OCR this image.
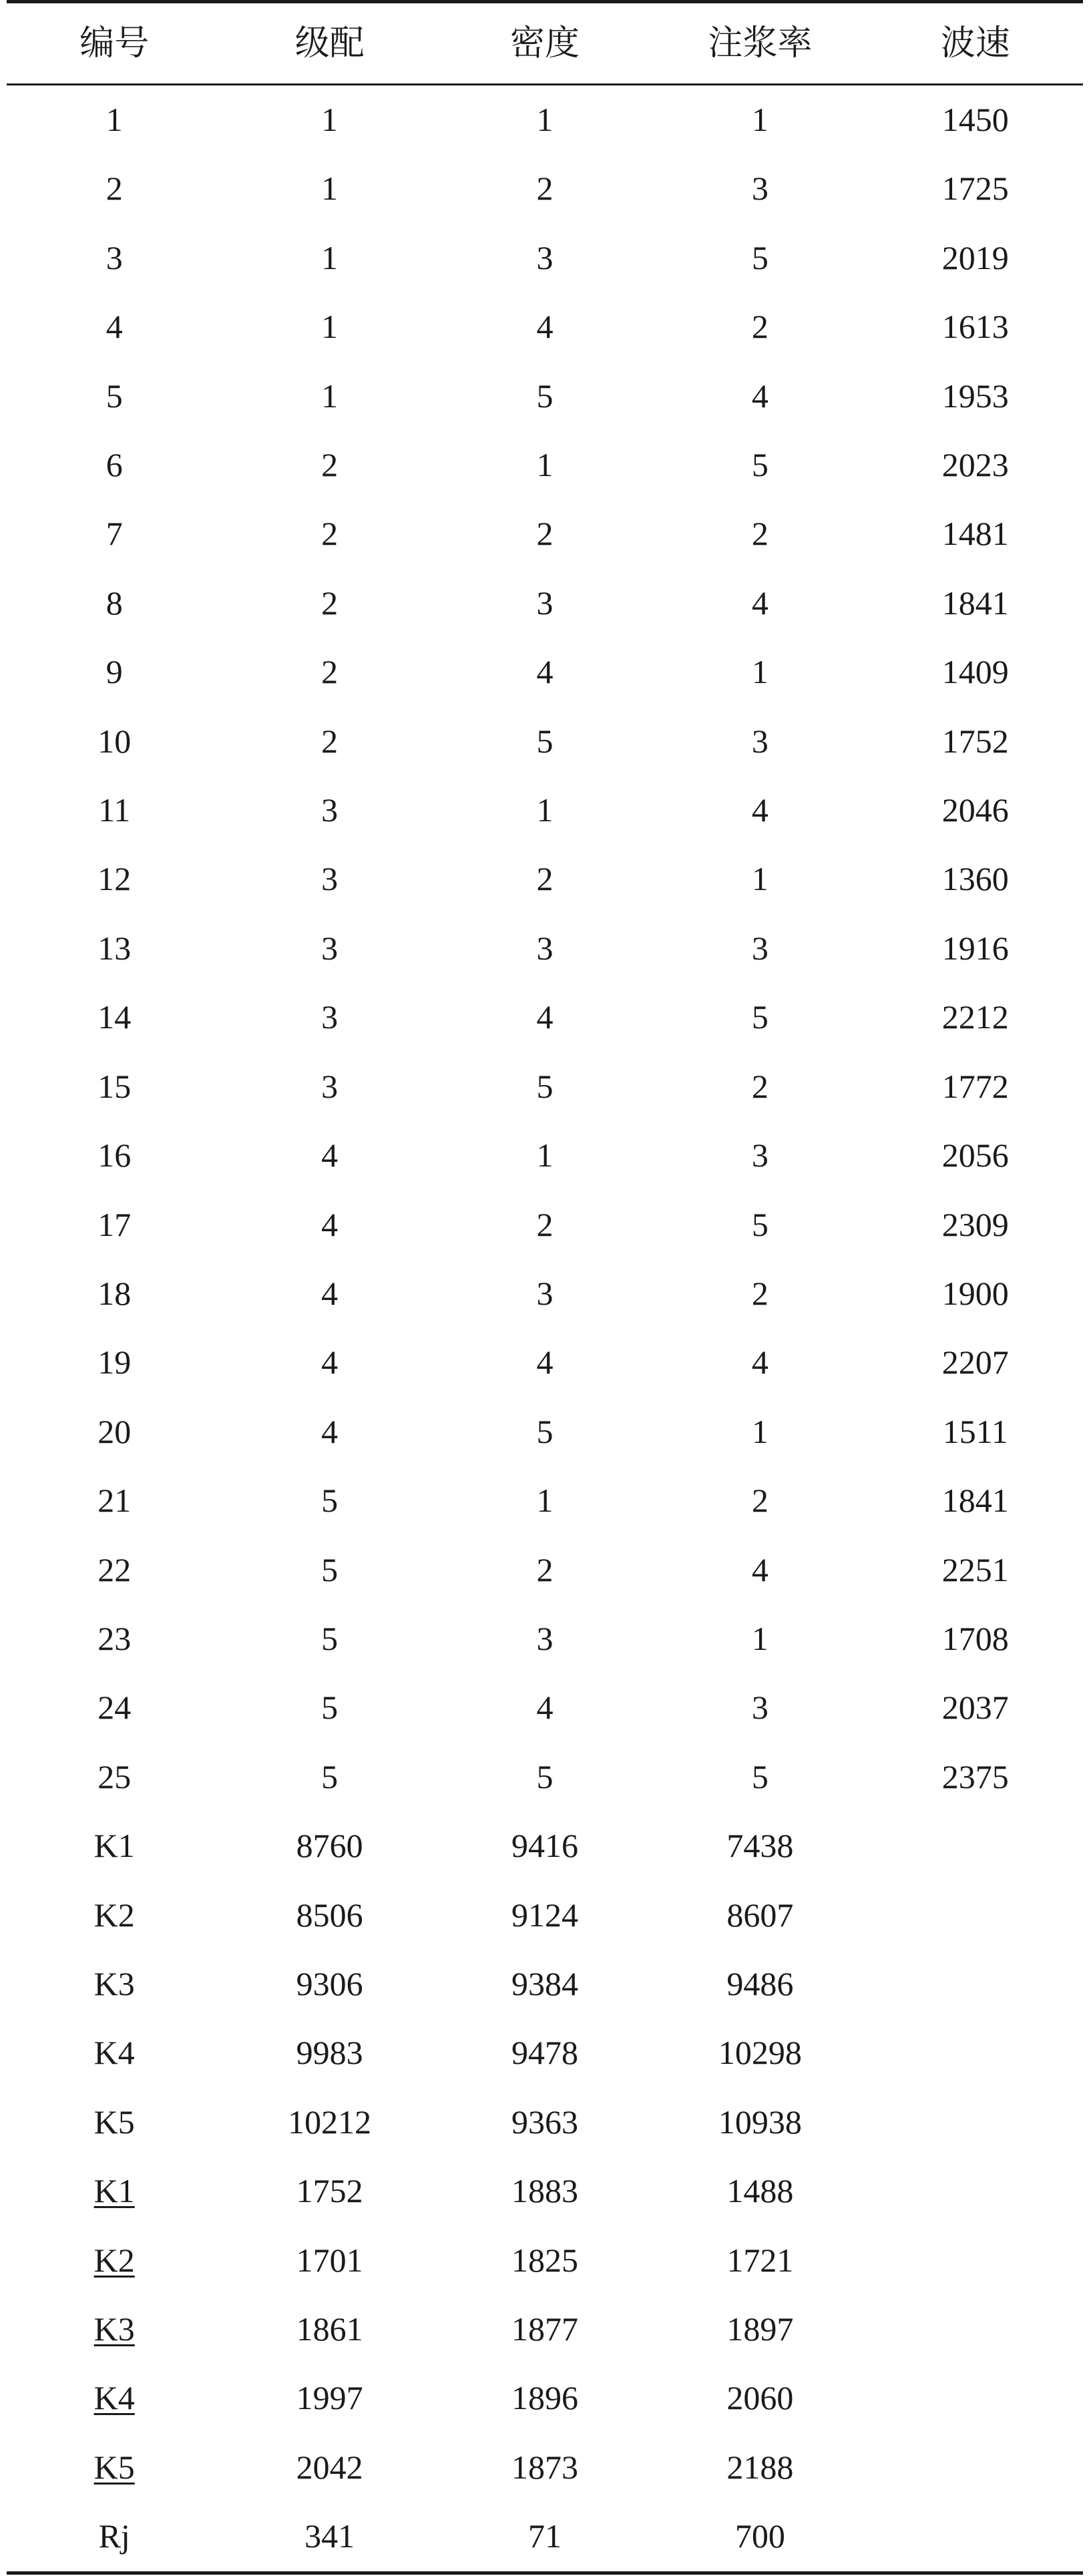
编号	级配	密度	注浆率	波速
1	1	1	1	1450
2	1	2	3	1725
3	1	3	5	2019
4	1	4	2	1613
5	1	5	4	1953
6	2	1	5	2023
7	2	2	2	1481
8	2	3	4	1841
9	2	4	1	1409
10	2	5	3	1752
11	3	1	4	2046
12	3	2	1	1360
13	3	3	3	1916
14	3	4	5	2212
15	3	5	2	1772
16	4	1	3	2056
17	4	2	5	2309
18	4	3	2	1900
19	4	4	4	2207
20	4	5	1	1511
21	5	1	2	1841
22	5	2	4	2251
23	5	3	1	1708
24	5	4	3	2037
25	5	5	5	2375
K1	8760	9416	7438	
K2	8506	9124	8607	
K3	9306	9384	9486	
K4	9983	9478	10298	
K5	10212	9363	10938	
K1	1752	1883	1488	
K2	1701	1825	1721	
K3	1861	1877	1897	
K4	1997	1896	2060	
K5	2042	1873	2188	
Rj	341	71	700	
